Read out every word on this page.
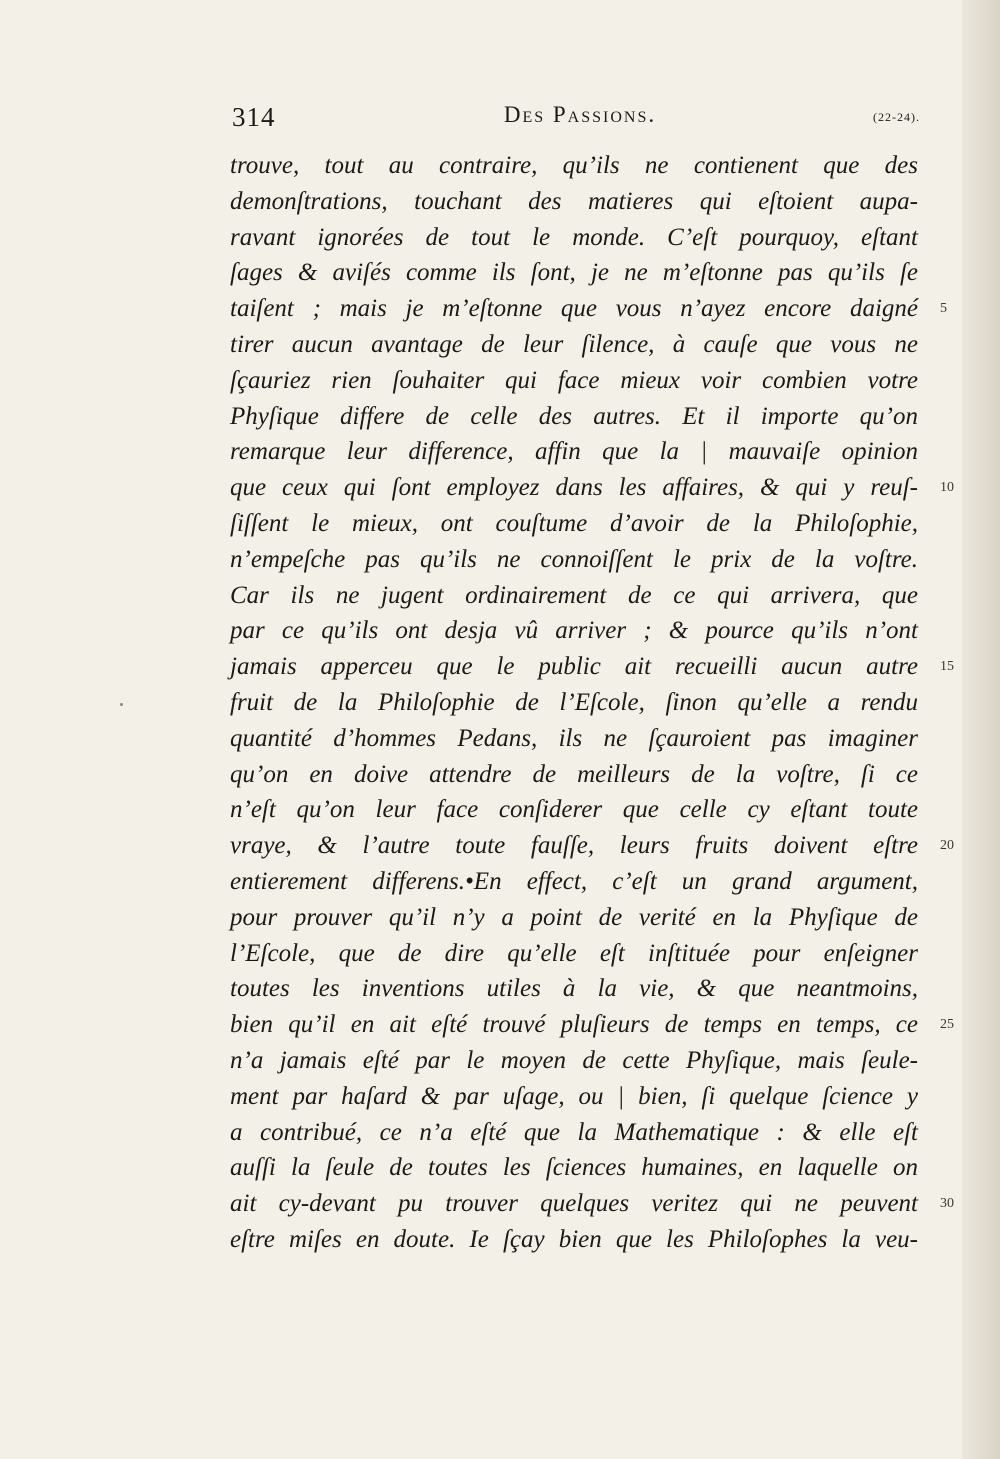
314	Des Passions.	(22-24).
trouve, tout au contraire, qu’ils ne contienent que des
demonſtrations, touchant des matieres qui eſtoient aupa-
ravant ignorées de tout le monde. C’eſt pourquoy, eſtant
ſages & aviſés comme ils ſont, je ne m’eſtonne pas qu’ils ſe
taiſent ; mais je m’eſtonne que vous n’ayez encore daigné 5
tirer aucun avantage de leur ſilence, à cauſe que vous ne
ſçauriez rien ſouhaiter qui face mieux voir combien votre
Phyſique differe de celle des autres. Et il importe qu’on
remarque leur difference, affin que la | mauvaiſe opinion
que ceux qui ſont employez dans les affaires, & qui y reuſ- 10
ſiſſent le mieux, ont couſtume d’avoir de la Philoſophie,
n’empeſche pas qu’ils ne connoiſſent le prix de la voſtre.
Car ils ne jugent ordinairement de ce qui arrivera, que
par ce qu’ils ont desja vû arriver ; & pource qu’ils n’ont
jamais apperceu que le public ait recueilli aucun autre 15
fruit de la Philoſophie de l’Eſcole, ſinon qu’elle a rendu
quantité d’hommes Pedans, ils ne ſçauroient pas imaginer
qu’on en doive attendre de meilleurs de la voſtre, ſi ce
n’eſt qu’on leur face conſiderer que celle cy eſtant toute
vraye, & l’autre toute fauſſe, leurs fruits doivent eſtre 20
entierement differens.•En effect, c’eſt un grand argument,
pour prouver qu’il n’y a point de verité en la Phyſique de
l’Eſcole, que de dire qu’elle eſt inſtituée pour enſeigner
toutes les inventions utiles à la vie, & que neantmoins,
bien qu’il en ait eſté trouvé pluſieurs de temps en temps, ce 25
n’a jamais eſté par le moyen de cette Phyſique, mais ſeule-
ment par haſard & par uſage, ou | bien, ſi quelque ſcience y
a contribué, ce n’a eſté que la Mathematique : & elle eſt
auſſi la ſeule de toutes les ſciences humaines, en laquelle on
ait cy-devant pu trouver quelques veritez qui ne peuvent 30
eſtre miſes en doute. Ie ſçay bien que les Philoſophes la veu-
